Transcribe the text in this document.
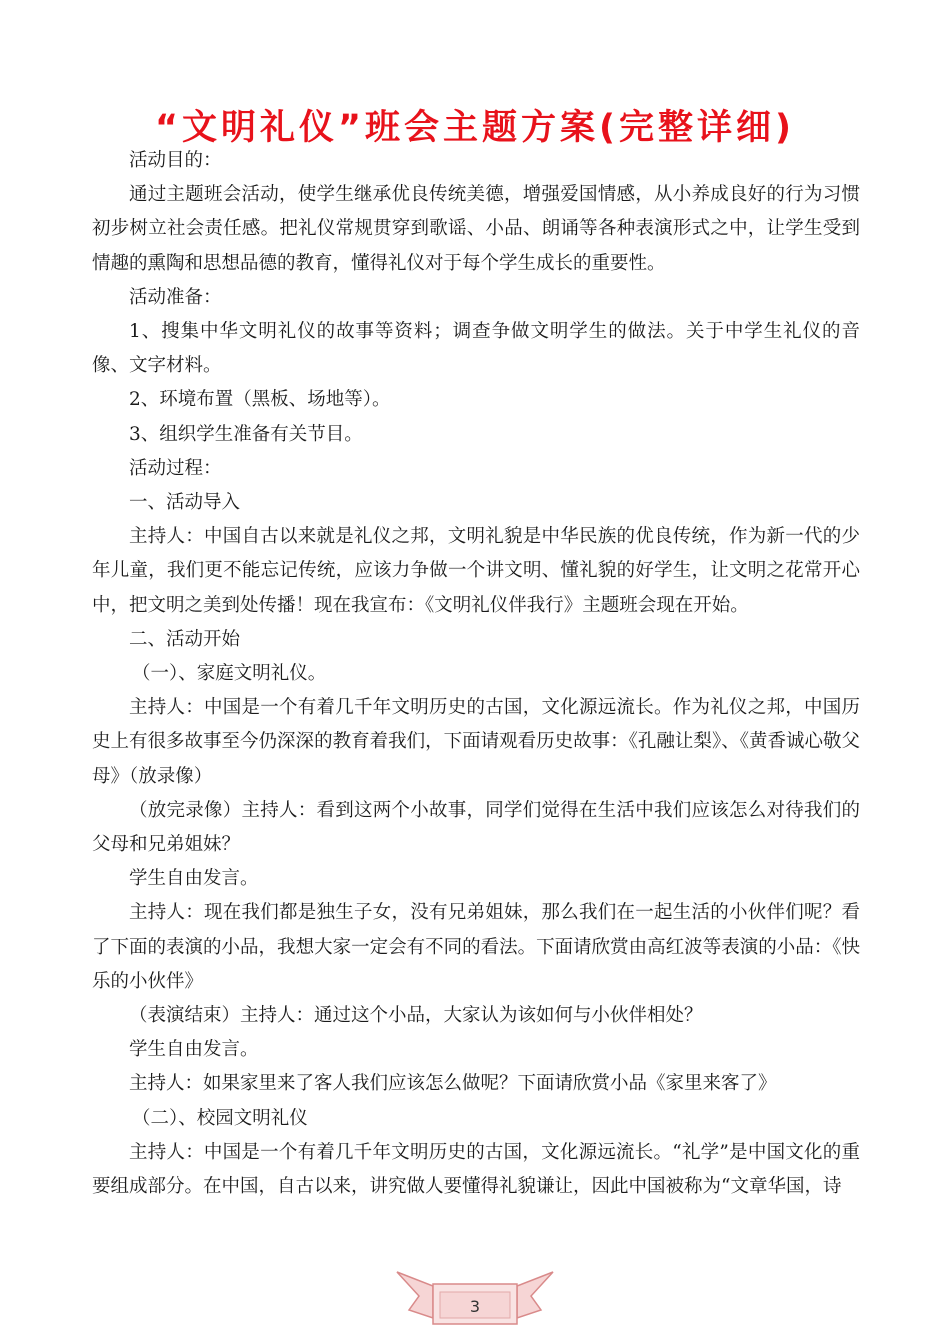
“文明礼仪”班会主题方案(完整详细)

活动目的：

通过主题班会活动，使学生继承优良传统美德，增强爱国情感，从小养成良好的行为习惯初步树立社会责任感。把礼仪常规贯穿到歌谣、小品、朗诵等各种表演形式之中，让学生受到情趣的熏陶和思想品德的教育，懂得礼仪对于每个学生成长的重要性。

活动准备：

1、搜集中华文明礼仪的故事等资料；调查争做文明学生的做法。关于中学生礼仪的音像、文字材料。

2、环境布置（黑板、场地等）。

3、组织学生准备有关节目。

活动过程：

一、活动导入

主持人：中国自古以来就是礼仪之邦，文明礼貌是中华民族的优良传统，作为新一代的少年儿童，我们更不能忘记传统，应该力争做一个讲文明、懂礼貌的好学生，让文明之花常开心中，把文明之美到处传播！现在我宣布：《文明礼仪伴我行》主题班会现在开始。

二、活动开始

（一）、家庭文明礼仪。

主持人：中国是一个有着几千年文明历史的古国，文化源远流长。作为礼仪之邦，中国历史上有很多故事至今仍深深的教育着我们，下面请观看历史故事：《孔融让梨》、《黄香诚心敬父母》（放录像）

（放完录像）主持人：看到这两个小故事，同学们觉得在生活中我们应该怎么对待我们的父母和兄弟姐妹？

学生自由发言。

主持人：现在我们都是独生子女，没有兄弟姐妹，那么我们在一起生活的小伙伴们呢？看了下面的表演的小品，我想大家一定会有不同的看法。下面请欣赏由高红波等表演的小品：《快乐的小伙伴》

（表演结束）主持人：通过这个小品，大家认为该如何与小伙伴相处？

学生自由发言。

主持人：如果家里来了客人我们应该怎么做呢？下面请欣赏小品《家里来客了》

（二）、校园文明礼仪

主持人：中国是一个有着几千年文明历史的古国，文化源远流长。“礼学”是中国文化的重要组成部分。在中国，自古以来，讲究做人要懂得礼貌谦让，因此中国被称为“文章华国，诗

3
